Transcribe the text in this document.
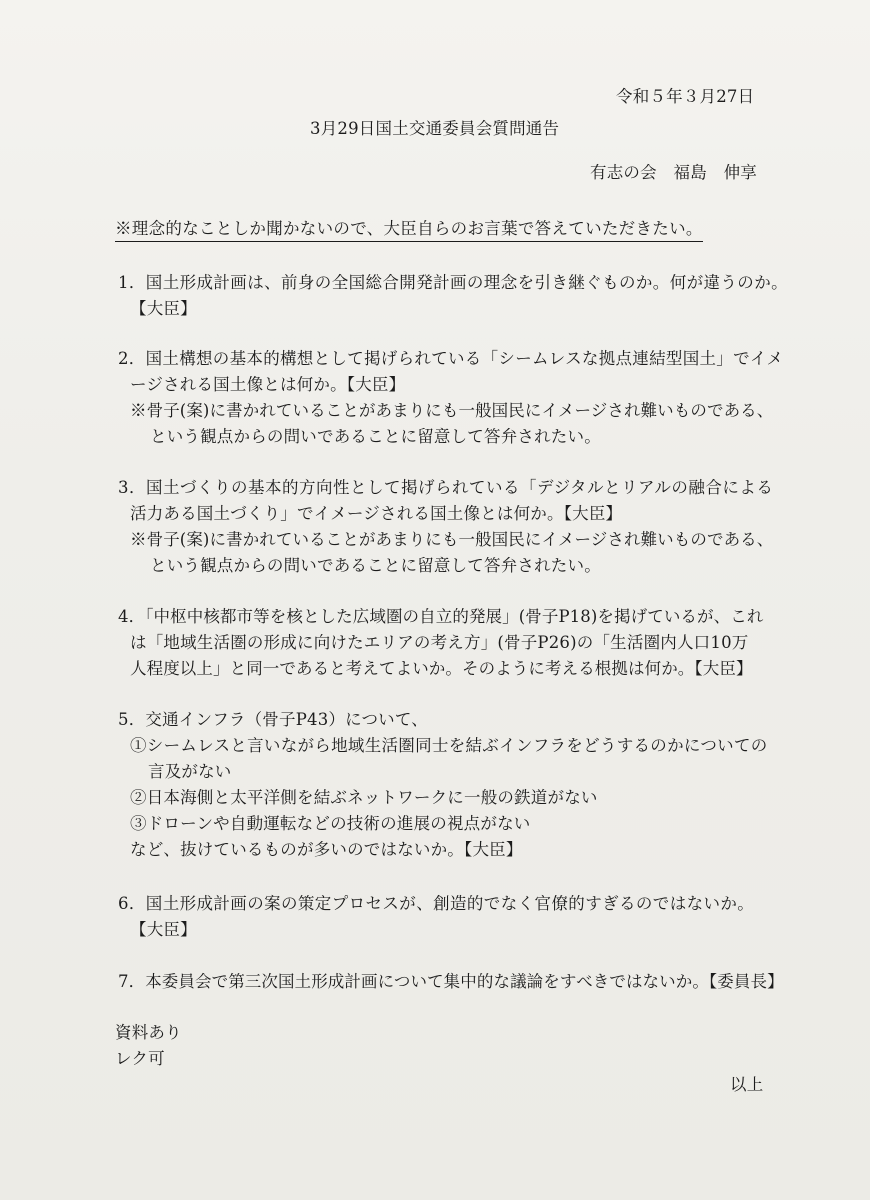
令和５年３月27日
3月29日国土交通委員会質問通告
有志の会　福島　伸享
※理念的なことしか聞かないので、大臣自らのお言葉で答えていただきたい。
1．国土形成計画は、前身の全国総合開発計画の理念を引き継ぐものか。何が違うのか。
【大臣】
2．国土構想の基本的構想として掲げられている「シームレスな拠点連結型国土」でイメ
ージされる国土像とは何か。【大臣】
※骨子(案)に書かれていることがあまりにも一般国民にイメージされ難いものである、
という観点からの問いであることに留意して答弁されたい。
3．国土づくりの基本的方向性として掲げられている「デジタルとリアルの融合による
活力ある国土づくり」でイメージされる国土像とは何か。【大臣】
※骨子(案)に書かれていることがあまりにも一般国民にイメージされ難いものである、
という観点からの問いであることに留意して答弁されたい。
4．「中枢中核都市等を核とした広域圏の自立的発展」(骨子P18)を掲げているが、これ
は「地域生活圏の形成に向けたエリアの考え方」(骨子P26)の「生活圏内人口10万
人程度以上」と同一であると考えてよいか。そのように考える根拠は何か。【大臣】
5．交通インフラ（骨子P43）について、
①シームレスと言いながら地域生活圏同士を結ぶインフラをどうするのかについての
言及がない
②日本海側と太平洋側を結ぶネットワークに一般の鉄道がない
③ドローンや自動運転などの技術の進展の視点がない
など、抜けているものが多いのではないか。【大臣】
6．国土形成計画の案の策定プロセスが、創造的でなく官僚的すぎるのではないか。
【大臣】
7．本委員会で第三次国土形成計画について集中的な議論をすべきではないか。【委員長】
資料あり
レク可
以上
